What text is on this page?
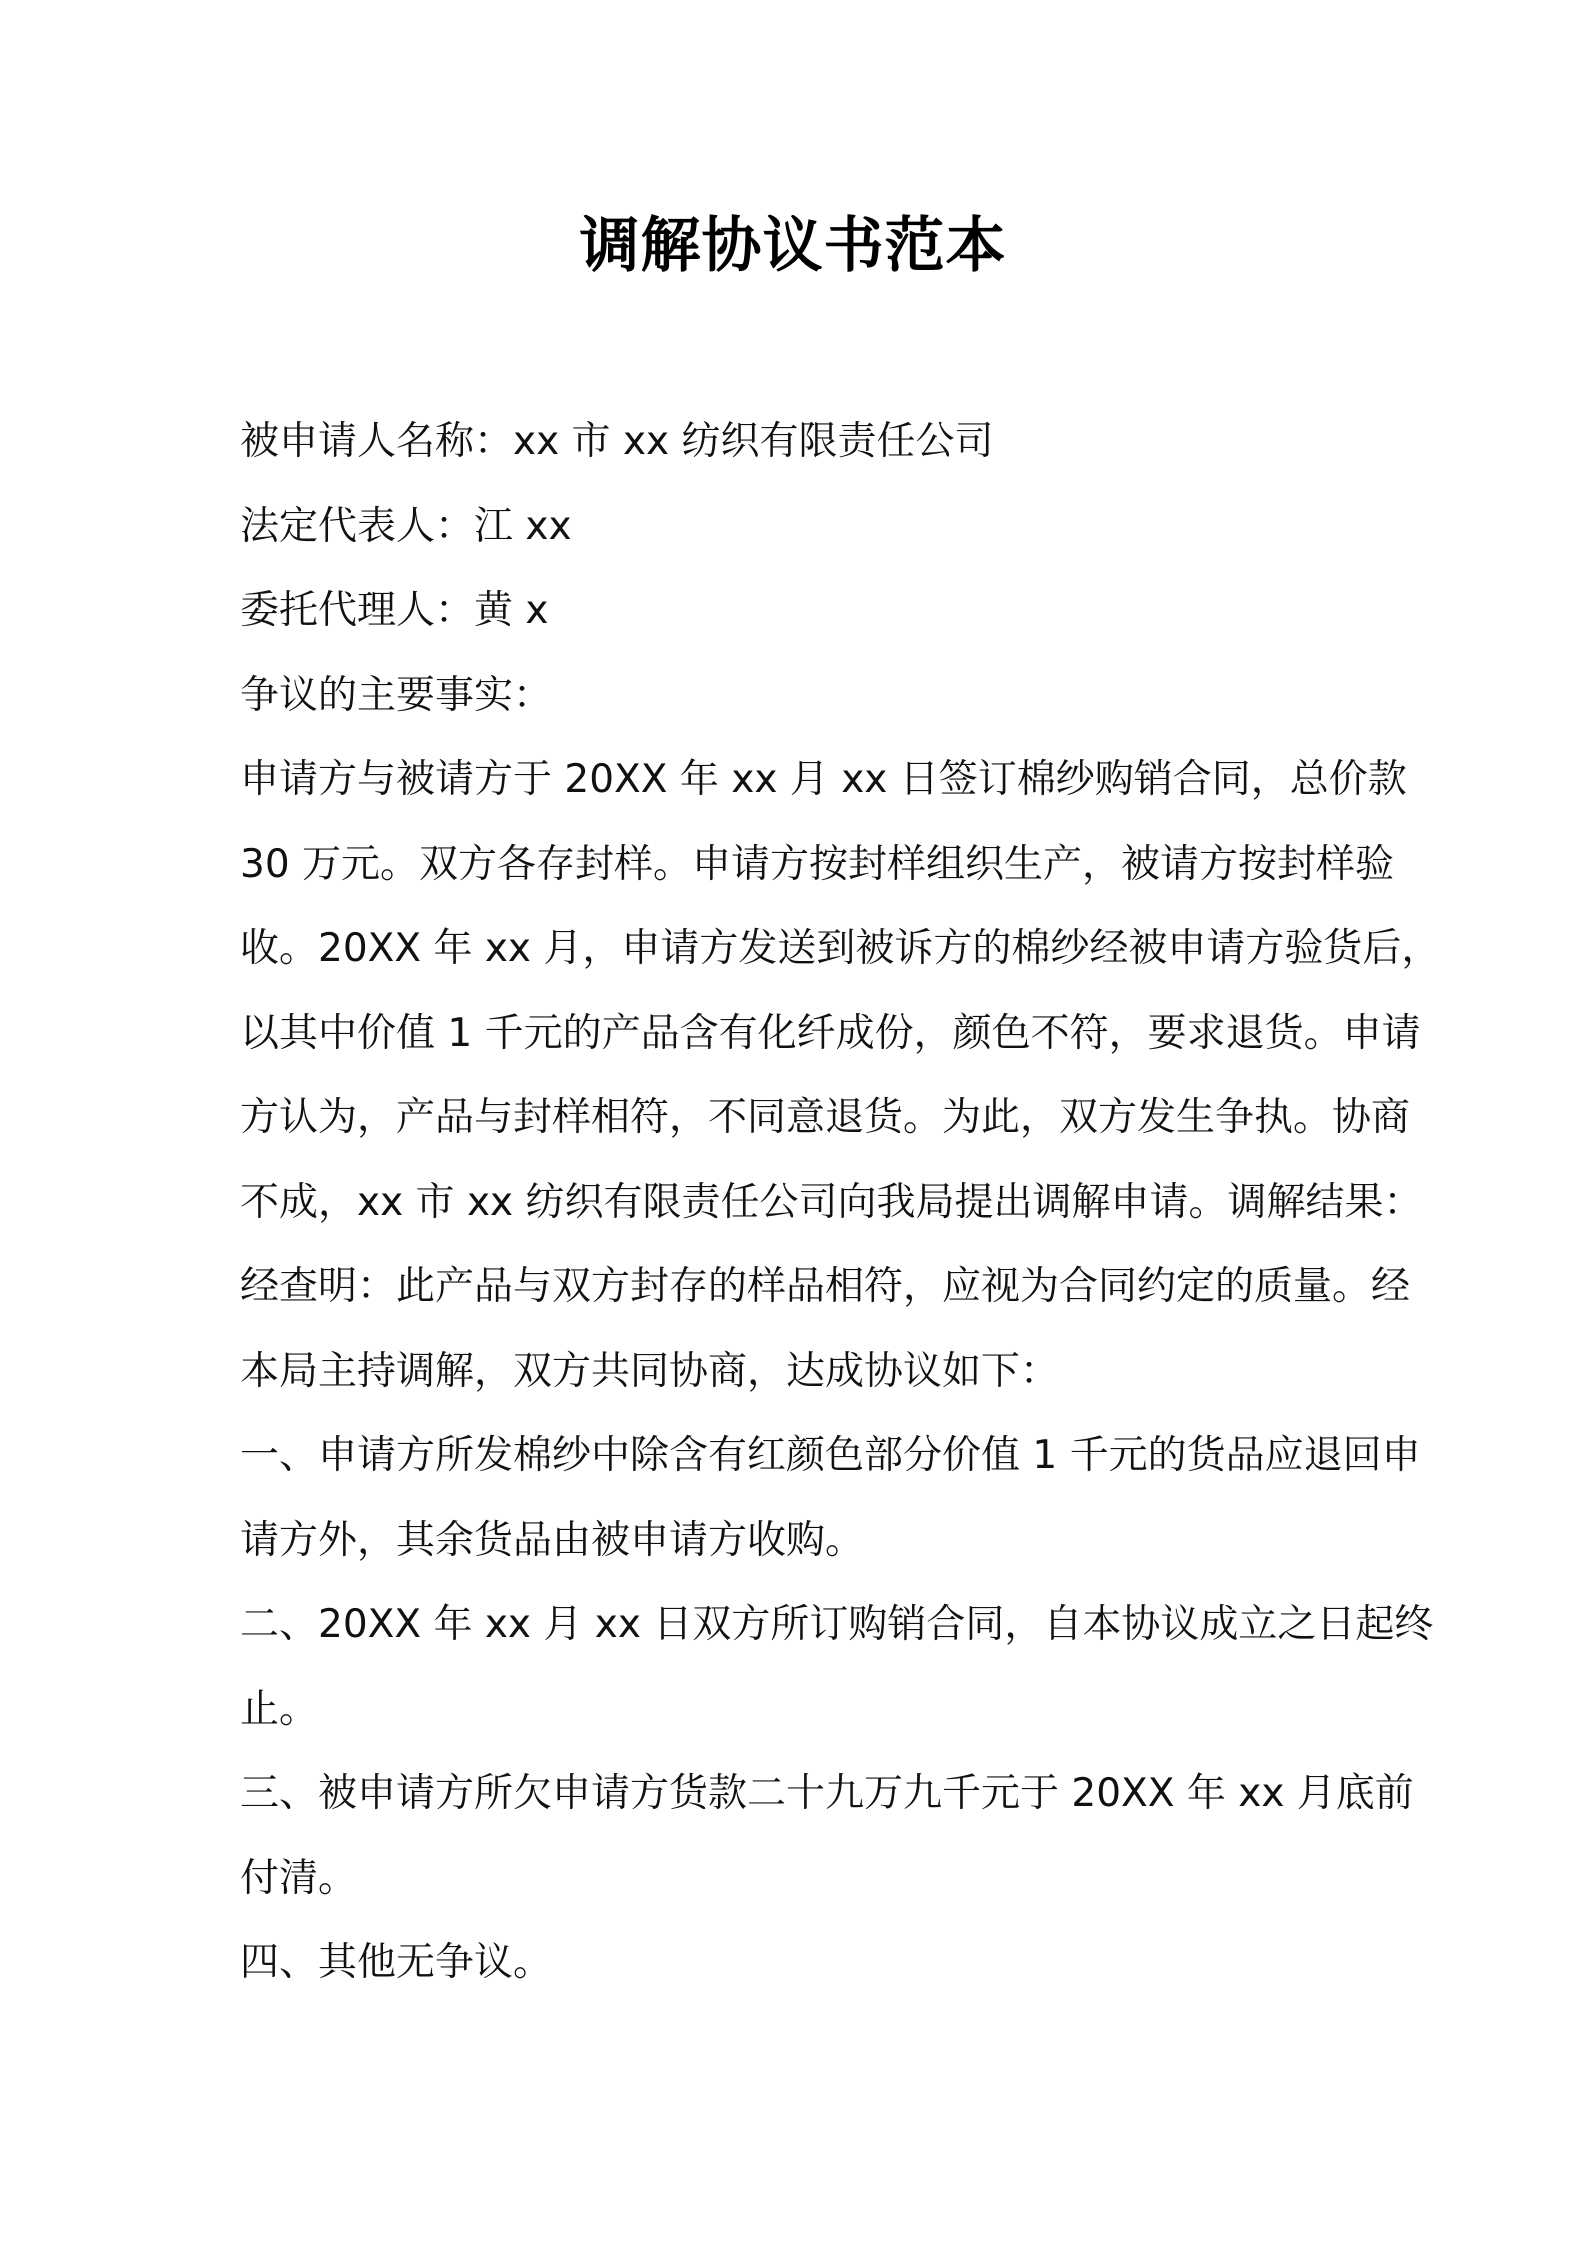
调解协议书范本

被申请人名称：xx 市 xx 纺织有限责任公司

法定代表人：江 xx

委托代理人：黄 x

争议的主要事实：

申请方与被请方于 20XX 年 xx 月 xx 日签订棉纱购销合同，总价款

30 万元。双方各存封样。申请方按封样组织生产，被请方按封样验

收。20XX 年 xx 月，申请方发送到被诉方的棉纱经被申请方验货后，

以其中价值 1 千元的产品含有化纤成份，颜色不符，要求退货。申请

方认为，产品与封样相符，不同意退货。为此，双方发生争执。协商

不成，xx 市 xx 纺织有限责任公司向我局提出调解申请。调解结果：

经查明：此产品与双方封存的样品相符，应视为合同约定的质量。经

本局主持调解，双方共同协商，达成协议如下：

一、申请方所发棉纱中除含有红颜色部分价值 1 千元的货品应退回申

请方外，其余货品由被申请方收购。

二、20XX 年 xx 月 xx 日双方所订购销合同，自本协议成立之日起终

止。

三、被申请方所欠申请方货款二十九万九千元于 20XX 年 xx 月底前

付清。

四、其他无争议。
